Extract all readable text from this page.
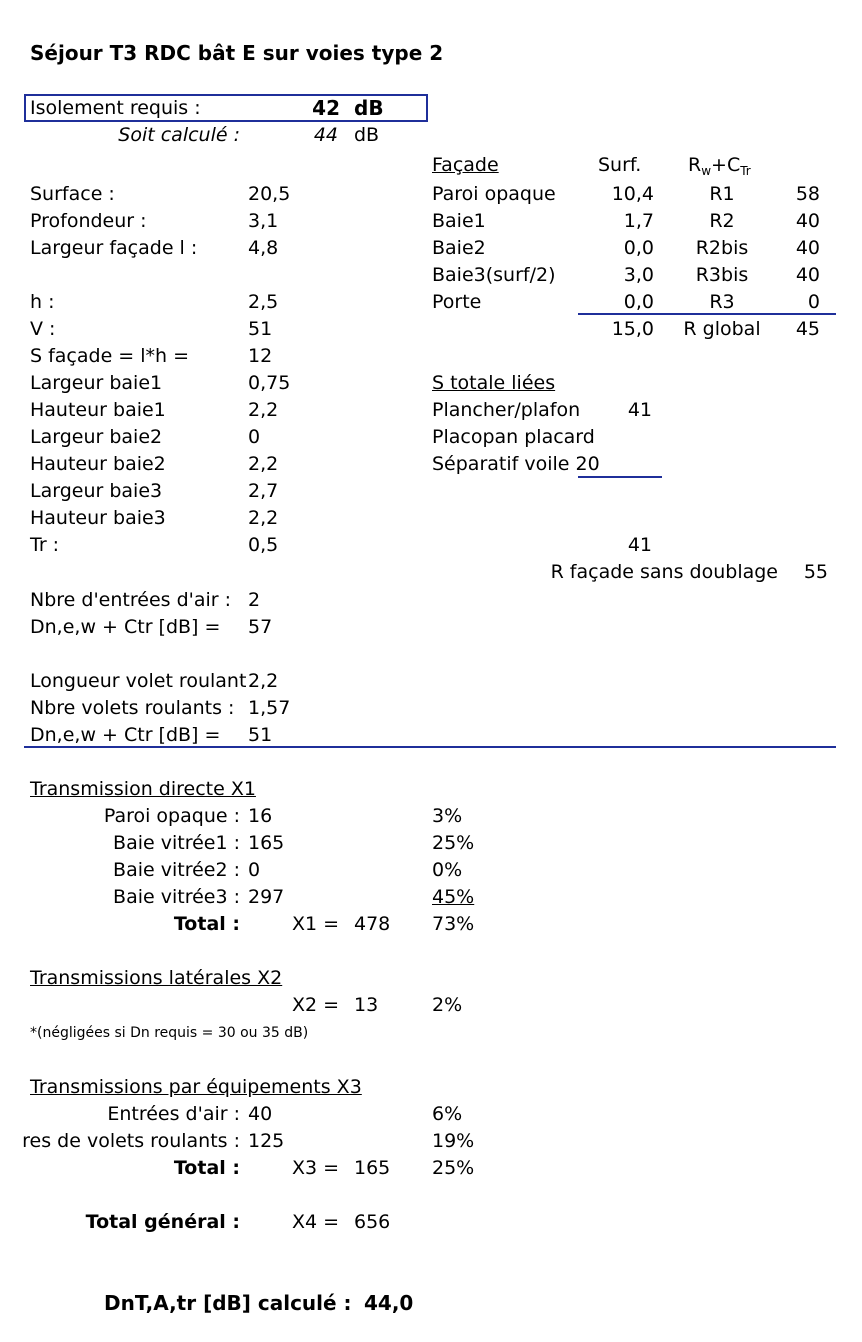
Séjour T3 RDC bât E sur voies type 2
Isolement requis :	42 dB
Soit calculé :	44 dB
Surface :	20,5
Profondeur :	3,1
Largeur façade l :	4,8
h :	2,5
V :	51
S façade = l*h =	12
Largeur baie1	0,75
Hauteur baie1	2,2
Largeur baie2	0
Hauteur baie2	2,2
Largeur baie3	2,7
Hauteur baie3	2,2
Tr :	0,5
Nbre d'entrées d'air : 2
Dn,e,w + Ctr [dB] = 57
Longueur volet roulant 2,2
Nbre volets roulants : 1,57
Dn,e,w + Ctr [dB] = 51
Façade	Surf. $R_w+C_{Tr}$
Paroi opaque	10,4	R1	58
Baie1	1,7	R2	40
Baie2	0,0	R2bis	40
Baie3(surf/2)	3,0	R3bis	40
Porte	0,0	R3	0
15,0	R global	45
S totale liées
Plancher/plafon	41
Placopan placard
Séparatif voile 20
41
R façade sans doublage	55
Transmission directe X1
Paroi opaque : 16	3%
Baie vitrée1 : 165	25%
Baie vitrée2 : 0	0%
Baie vitrée3 : 297	45%
Total :	X1 = 478 73%
Transmissions latérales X2
X2 = 13	2%
*(négligées si Dn requis = 30 ou 35 dB)
Transmissions par équipements X3
Entrées d'air : 40	6%
res de volets roulants : 125	19%
Total :	X3 = 165 25%
Total général :	X4 = 656
DnT,A,tr [dB] calculé : 44,0
